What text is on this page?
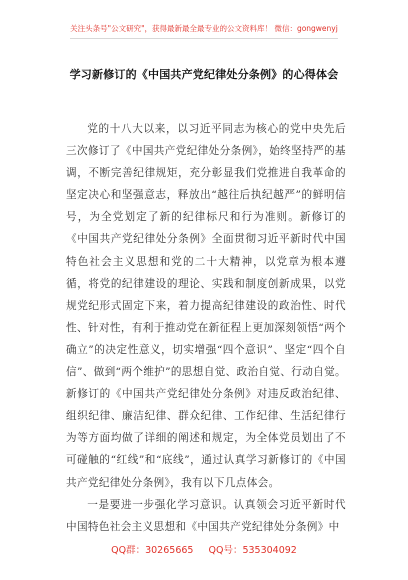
关注头条号"公文研究"，获得最新最全最专业的公文资料库！ 微信：gongwenyj
学习新修订的《中国共产党纪律处分条例》的心得体会

党的十八大以来，以习近平同志为核心的党中央先后三次修订了《中国共产党纪律处分条例》，始终坚持严的基调，不断完善纪律规矩，充分彰显我们党推进自我革命的坚定决心和坚强意志，释放出“越往后执纪越严”的鲜明信号，为全党划定了新的纪律标尺和行为准则。新修订的《中国共产党纪律处分条例》全面贯彻习近平新时代中国特色社会主义思想和党的二十大精神，以党章为根本遵循，将党的纪律建设的理论、实践和制度创新成果，以党规党纪形式固定下来，着力提高纪律建设的政治性、时代性、针对性，有利于推动党在新征程上更加深刻领悟“两个确立”的决定性意义，切实增强“四个意识”、坚定“四个自信”、做到“两个维护”的思想自觉、政治自觉、行动自觉。新修订的《中国共产党纪律处分条例》对违反政治纪律、组织纪律、廉洁纪律、群众纪律、工作纪律、生活纪律行为等方面均做了详细的阐述和规定，为全体党员划出了不可碰触的“红线”和“底线”，通过认真学习新修订的《中国共产党纪律处分条例》，我有以下几点体会。

一是要进一步强化学习意识。认真领会习近平新时代中国特色社会主义思想和《中国共产党纪律处分条例》中

QQ群：30265665 QQ号：535304092
